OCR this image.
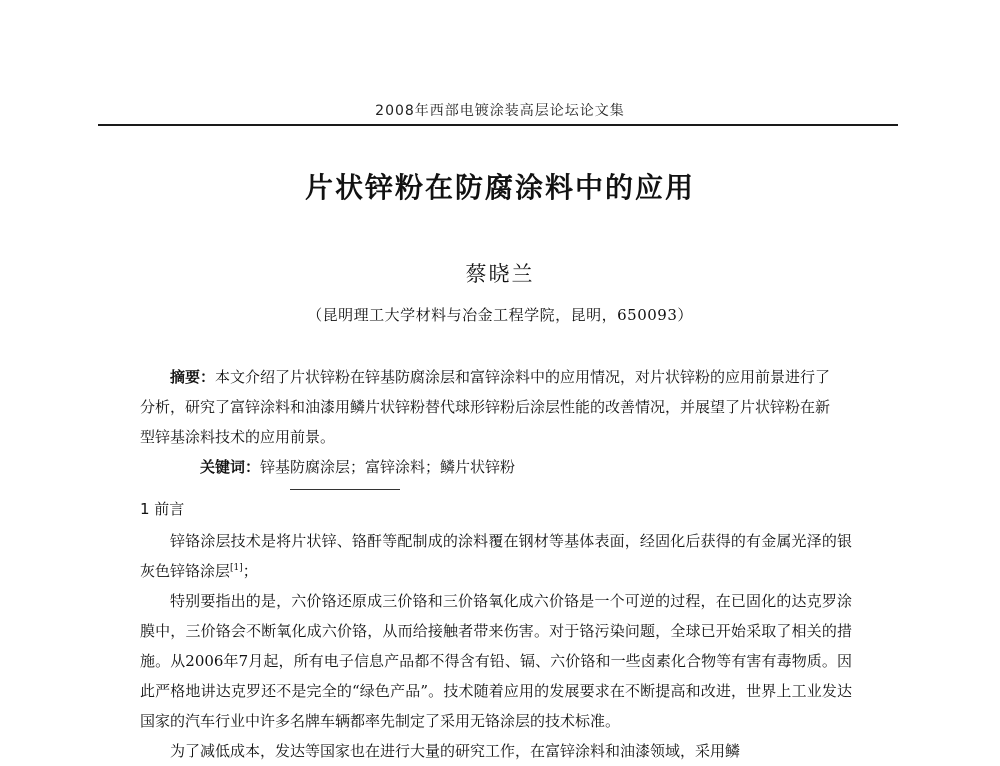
2008年西部电镀涂装高层论坛论文集
片状锌粉在防腐涂料中的应用
蔡晓兰
（昆明理工大学材料与冶金工程学院，昆明，650093）

摘要：本文介绍了片状锌粉在锌基防腐涂层和富锌涂料中的应用情况，对片状锌粉的应用前景进行了分析，研究了富锌涂料和油漆用鳞片状锌粉替代球形锌粉后涂层性能的改善情况，并展望了片状锌粉在新型锌基涂料技术的应用前景。

关键词：锌基防腐涂层；富锌涂料；鳞片状锌粉

1 前言

锌铬涂层技术是将片状锌、铬酐等配制成的涂料覆在钢材等基体表面，经固化后获得的有金属光泽的银灰色锌铬涂层[1]；

特别要指出的是，六价铬还原成三价铬和三价铬氧化成六价铬是一个可逆的过程，在已固化的达克罗涂膜中，三价铬会不断氧化成六价铬，从而给接触者带来伤害。对于铬污染问题，全球已开始采取了相关的措施。从2006年7月起，所有电子信息产品都不得含有铅、镉、六价铬和一些卤素化合物等有害有毒物质。因此严格地讲达克罗还不是完全的“绿色产品”。技术随着应用的发展要求在不断提高和改进，世界上工业发达国家的汽车行业中许多名牌车辆都率先制定了采用无铬涂层的技术标准。

为了减低成本，发达等国家也在进行大量的研究工作，在富锌涂料和油漆领域，采用鳞
